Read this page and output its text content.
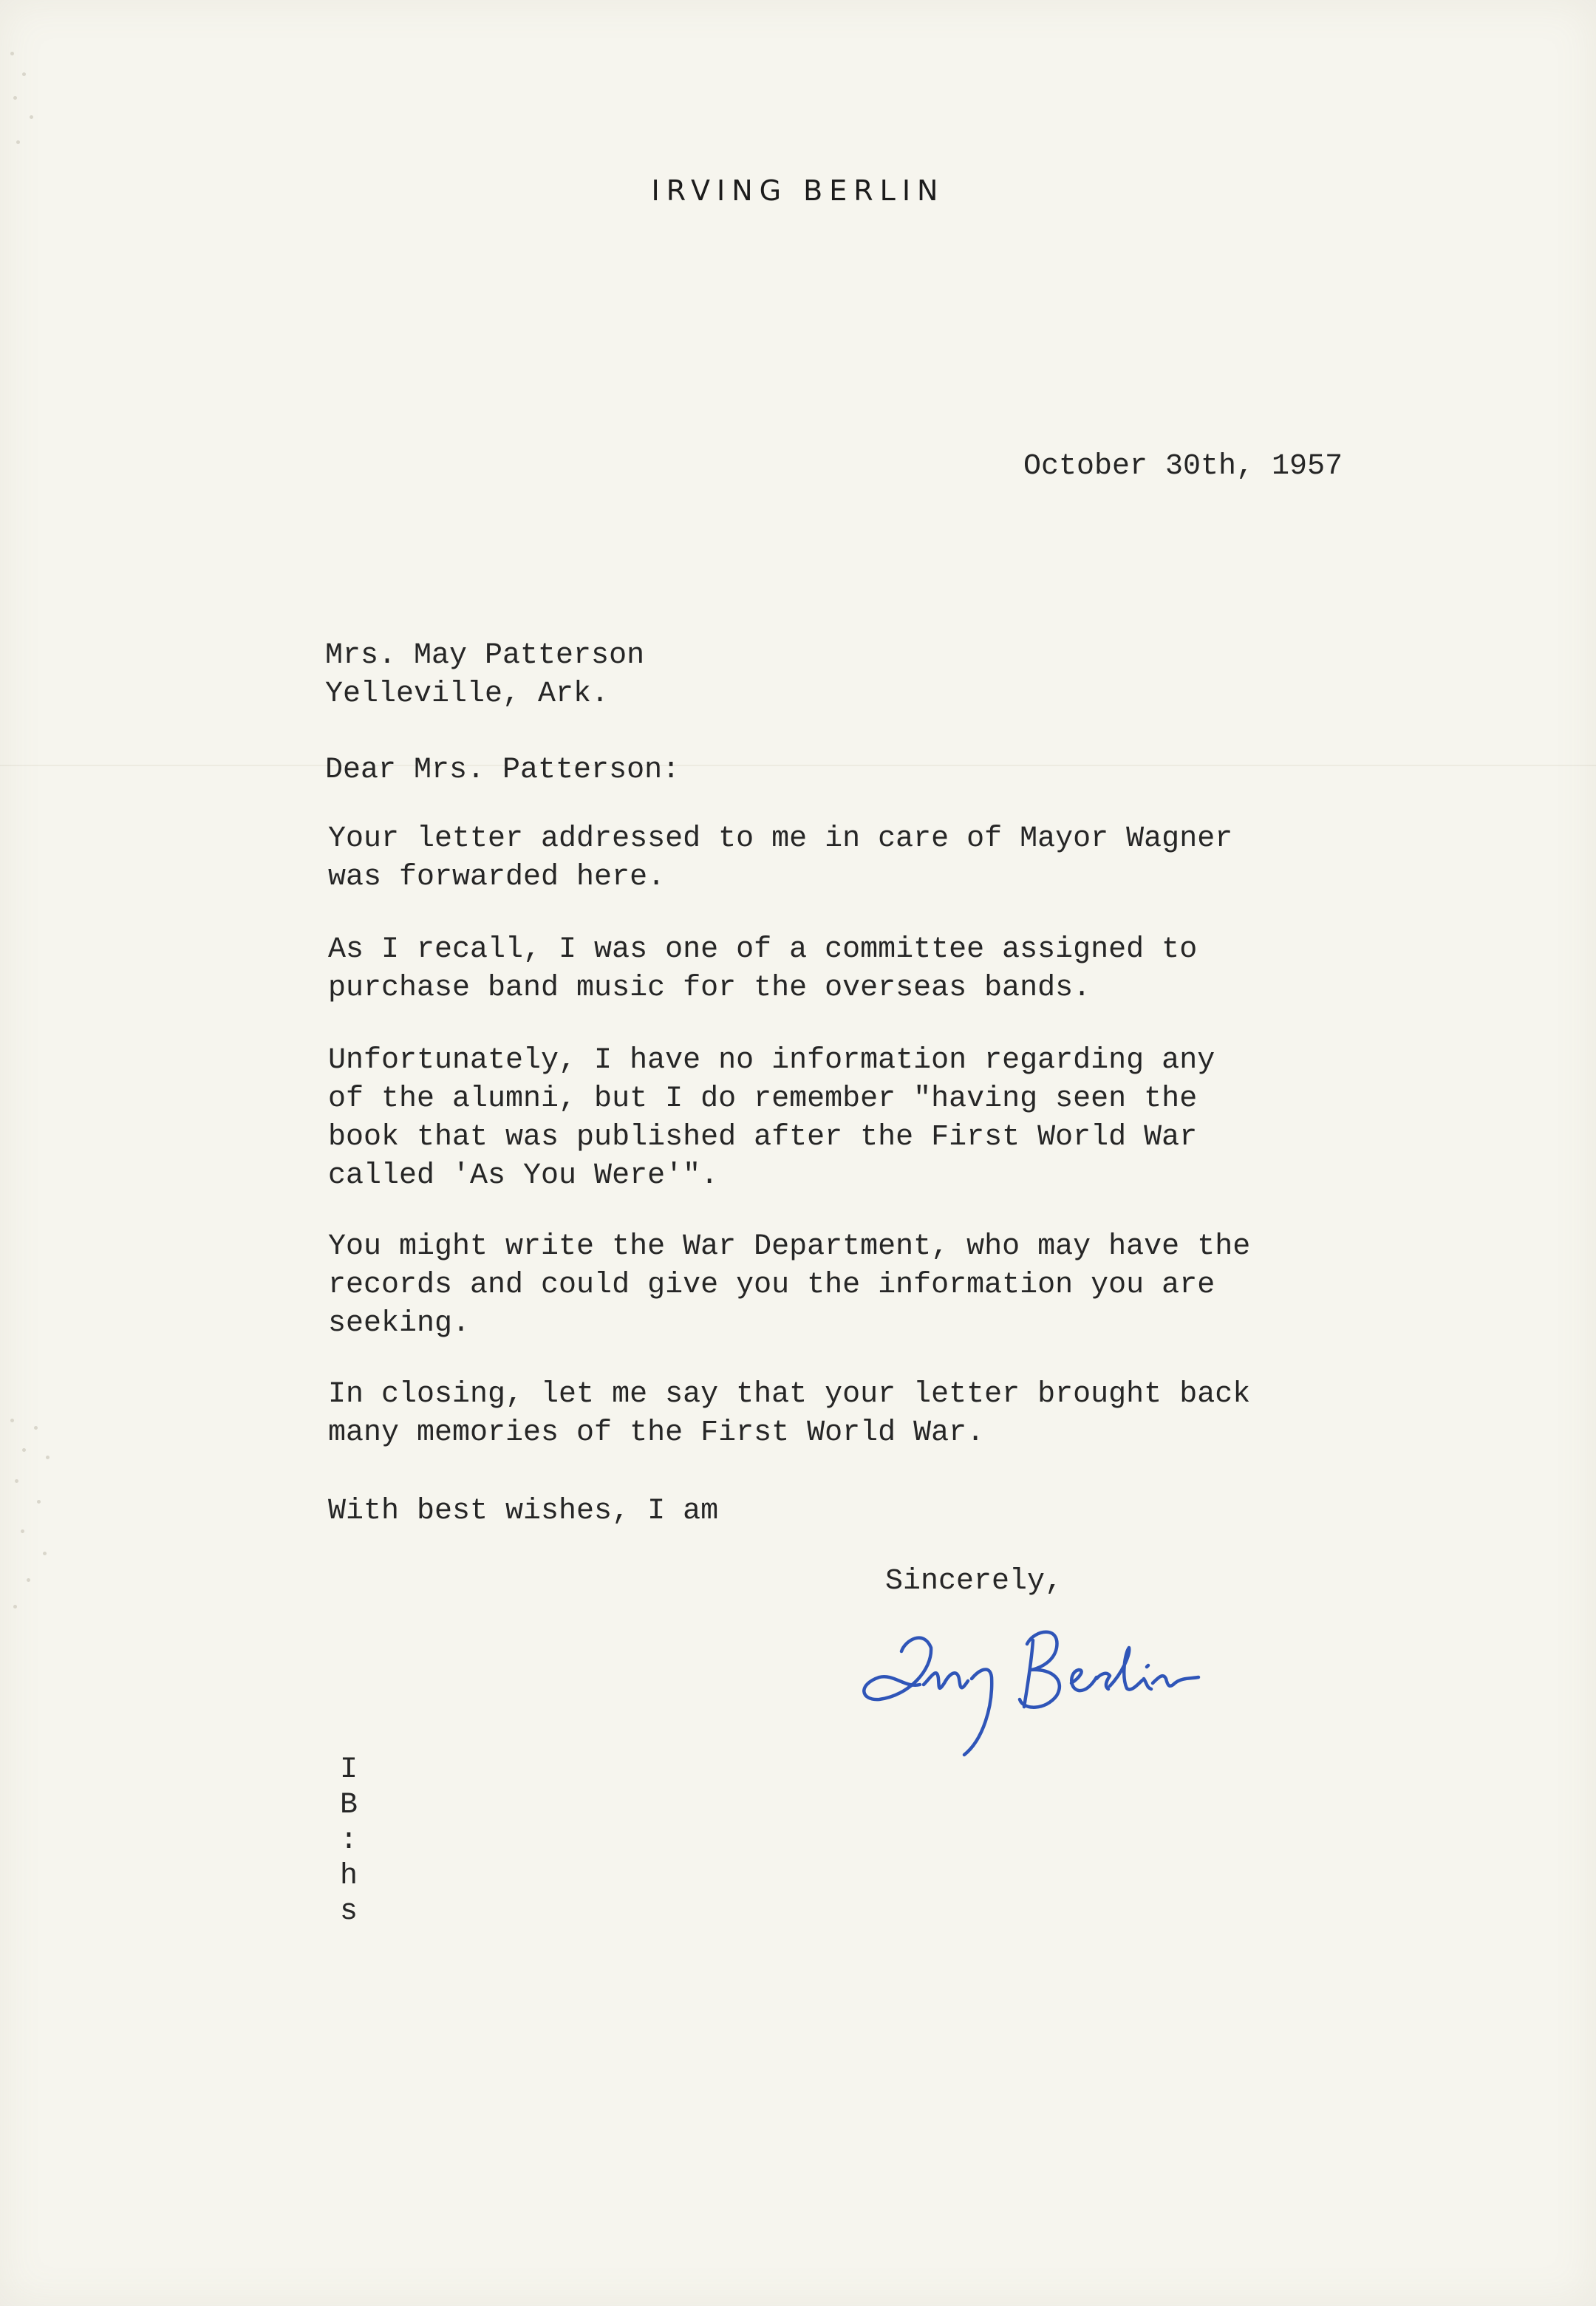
IRVING BERLIN
October 30th, 1957
Mrs. May Patterson
Yelleville, Ark.
Dear Mrs. Patterson:
Your letter addressed to me in care of Mayor Wagner
was forwarded here.
As I recall, I was one of a committee assigned to
purchase band music for the overseas bands.
Unfortunately, I have no information regarding any
of the alumni, but I do remember "having seen the
book that was published after the First World War
called 'As You Were'".
You might write the War Department, who may have the
records and could give you the information you are
seeking.
In closing, let me say that your letter brought back
many memories of the First World War.
With best wishes, I am
Sincerely,
I
B
:
h
s
